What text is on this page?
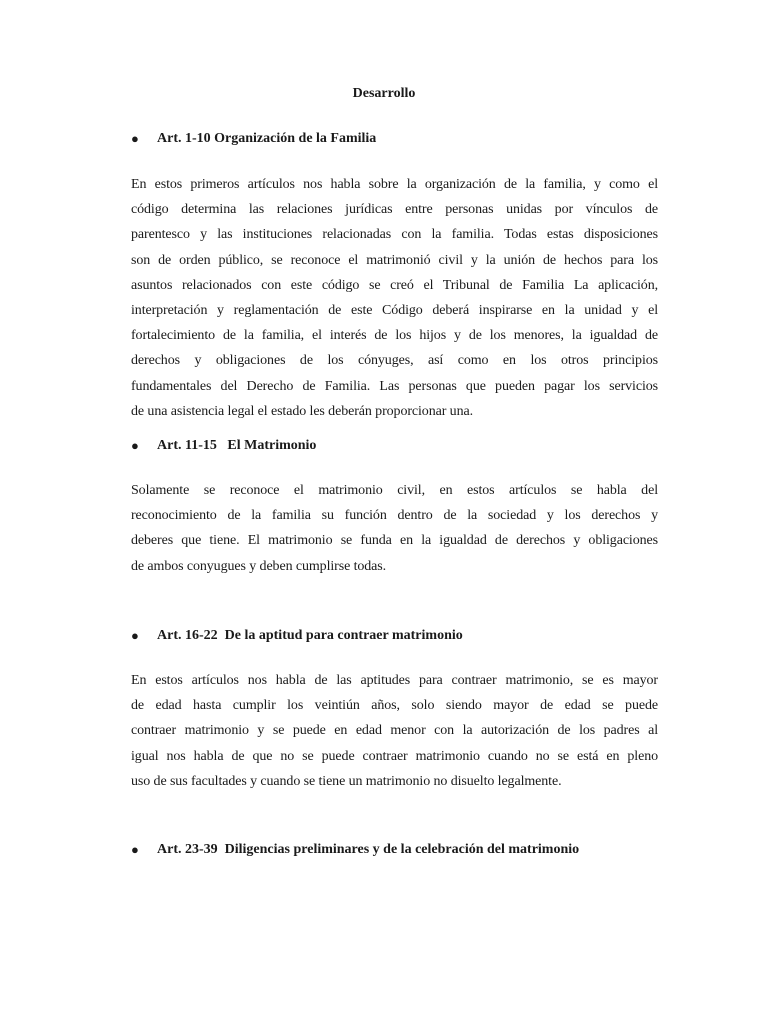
Desarrollo
● Art. 1-10 Organización de la Familia
En estos primeros artículos nos habla sobre la organización de la familia, y como el
código determina las relaciones jurídicas entre personas unidas por vínculos de
parentesco y las instituciones relacionadas con la familia. Todas estas disposiciones
son de orden público, se reconoce el matrimonió civil y la unión de hechos para los
asuntos relacionados con este código se creó el Tribunal de Familia La aplicación,
interpretación y reglamentación de este Código deberá inspirarse en la unidad y el
fortalecimiento de la familia, el interés de los hijos y de los menores, la igualdad de
derechos y obligaciones de los cónyuges, así como en los otros principios
fundamentales del Derecho de Familia. Las personas que pueden pagar los servicios
de una asistencia legal el estado les deberán proporcionar una.
● Art. 11-15   El Matrimonio
Solamente se reconoce el matrimonio civil, en estos artículos se habla del
reconocimiento de la familia su función dentro de la sociedad y los derechos y
deberes que tiene. El matrimonio se funda en la igualdad de derechos y obligaciones
de ambos conyugues y deben cumplirse todas.
● Art. 16-22  De la aptitud para contraer matrimonio
En estos artículos nos habla de las aptitudes para contraer matrimonio, se es mayor
de edad hasta cumplir los veintiún años, solo siendo mayor de edad se puede
contraer matrimonio y se puede en edad menor con la autorización de los padres al
igual nos habla de que no se puede contraer matrimonio cuando no se está en pleno
uso de sus facultades y cuando se tiene un matrimonio no disuelto legalmente.
● Art. 23-39  Diligencias preliminares y de la celebración del matrimonio
